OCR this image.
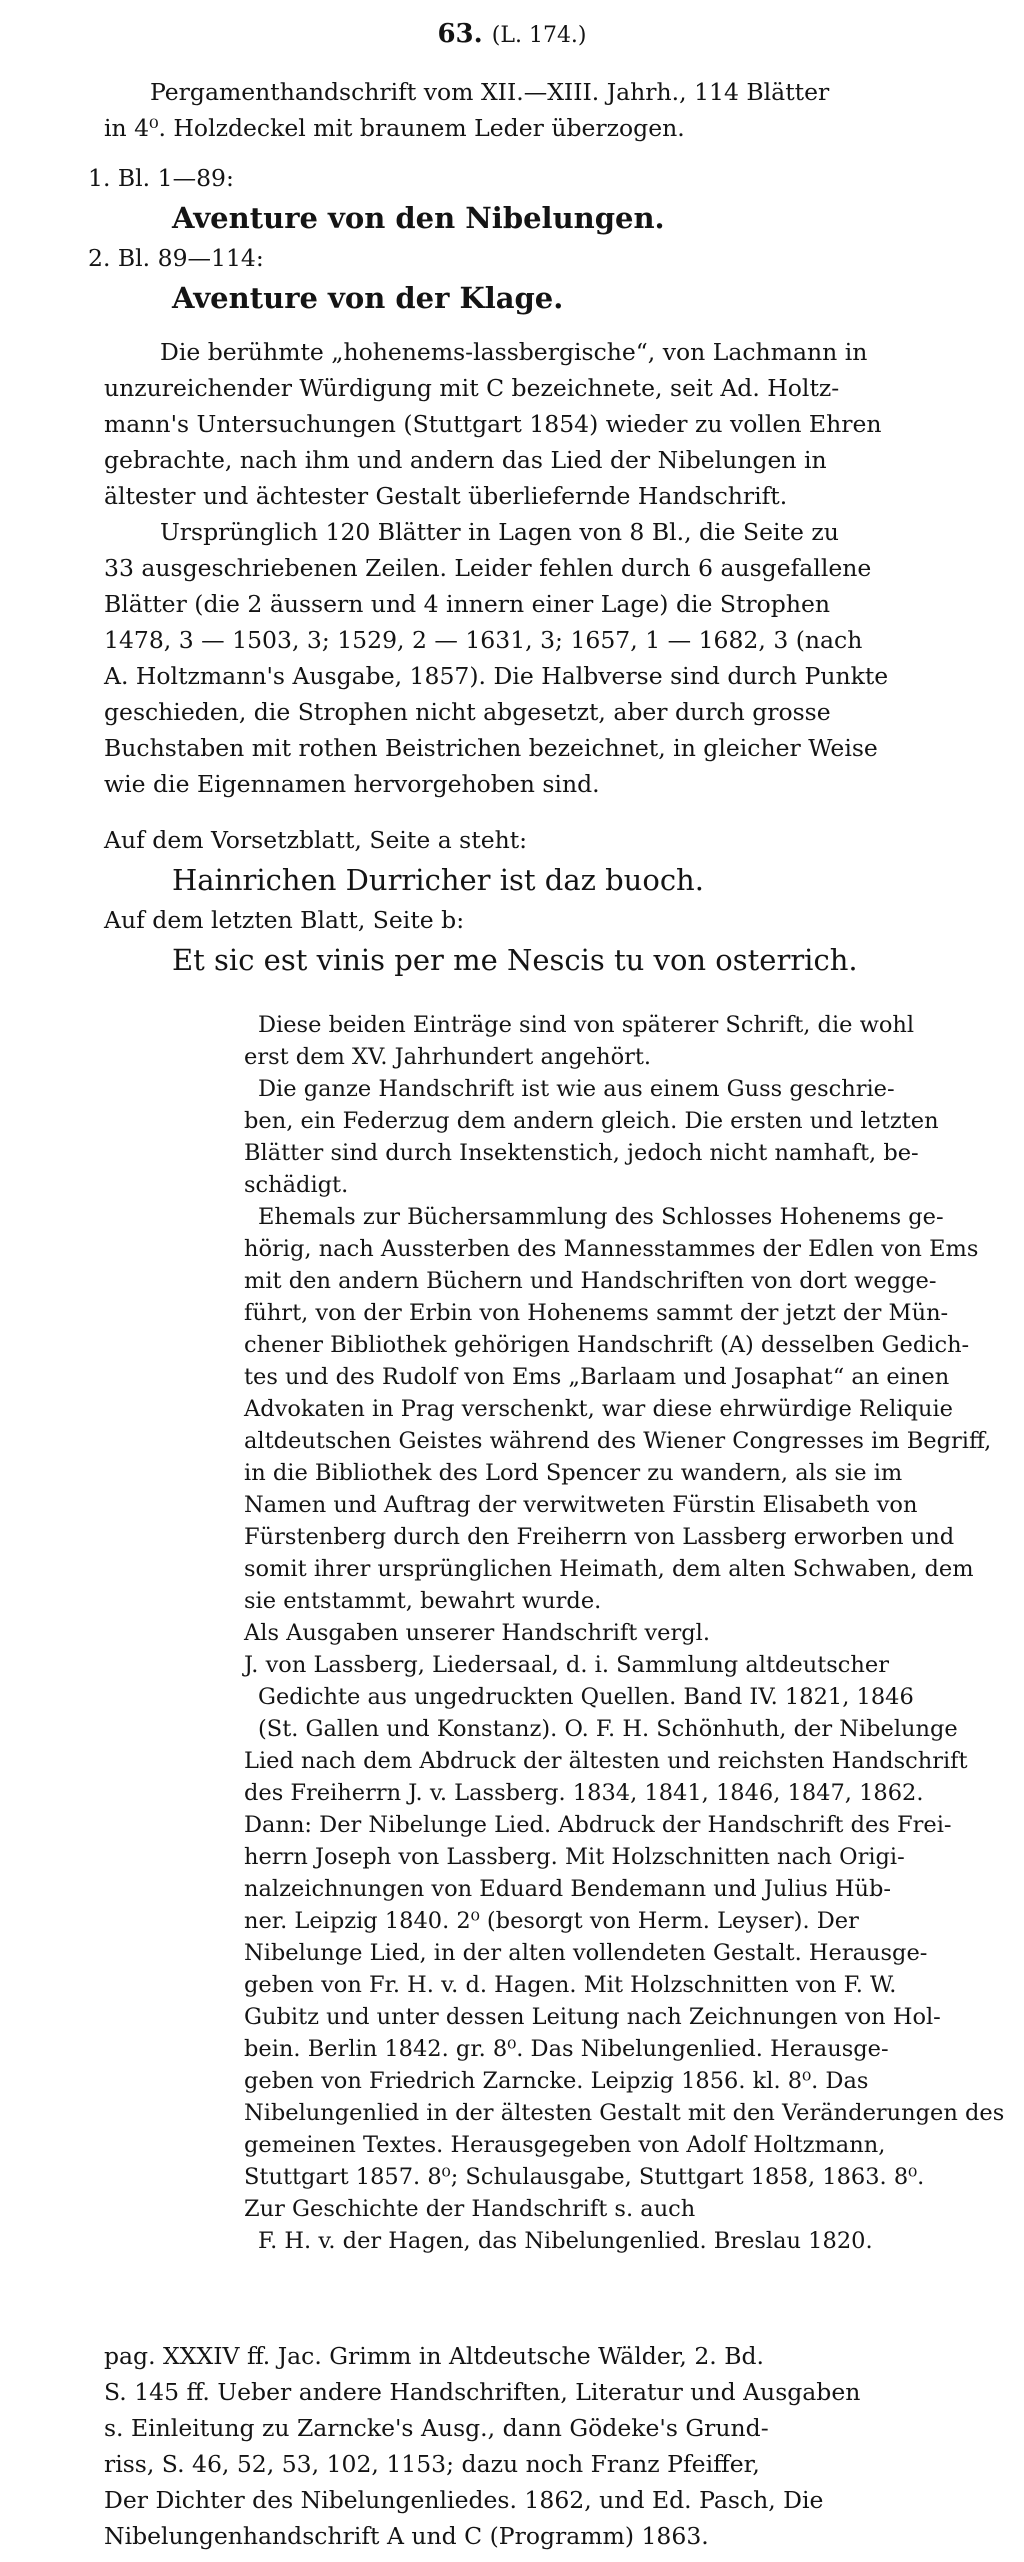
63. (L. 174.)
Pergamenthandschrift vom XII.—XIII. Jahrh., 114 Blätter
in 4⁰. Holzdeckel mit braunem Leder überzogen.
1. Bl. 1—89:
Aventure von den Nibelungen.
2. Bl. 89—114:
Aventure von der Klage.
Die berühmte „hohenems-lassbergische“, von Lachmann in
unzureichender Würdigung mit C bezeichnete, seit Ad. Holtz-
mann's Untersuchungen (Stuttgart 1854) wieder zu vollen Ehren
gebrachte, nach ihm und andern das Lied der Nibelungen in
ältester und ächtester Gestalt überliefernde Handschrift.
Ursprünglich 120 Blätter in Lagen von 8 Bl., die Seite zu
33 ausgeschriebenen Zeilen. Leider fehlen durch 6 ausgefallene
Blätter (die 2 äussern und 4 innern einer Lage) die Strophen
1478, 3 — 1503, 3; 1529, 2 — 1631, 3; 1657, 1 — 1682, 3 (nach
A. Holtzmann's Ausgabe, 1857). Die Halbverse sind durch Punkte
geschieden, die Strophen nicht abgesetzt, aber durch grosse
Buchstaben mit rothen Beistrichen bezeichnet, in gleicher Weise
wie die Eigennamen hervorgehoben sind.
Auf dem Vorsetzblatt, Seite a steht:
Hainrichen Durricher ist daz buoch.
Auf dem letzten Blatt, Seite b:
Et sic est vinis per me Nescis tu von osterrich.
Diese beiden Einträge sind von späterer Schrift, die wohl
erst dem XV. Jahrhundert angehört.
Die ganze Handschrift ist wie aus einem Guss geschrie-
ben, ein Federzug dem andern gleich. Die ersten und letzten
Blätter sind durch Insektenstich, jedoch nicht namhaft, be-
schädigt.
Ehemals zur Büchersammlung des Schlosses Hohenems ge-
hörig, nach Aussterben des Mannesstammes der Edlen von Ems
mit den andern Büchern und Handschriften von dort wegge-
führt, von der Erbin von Hohenems sammt der jetzt der Mün-
chener Bibliothek gehörigen Handschrift (A) desselben Gedich-
tes und des Rudolf von Ems „Barlaam und Josaphat“ an einen
Advokaten in Prag verschenkt, war diese ehrwürdige Reliquie
altdeutschen Geistes während des Wiener Congresses im Begriff,
in die Bibliothek des Lord Spencer zu wandern, als sie im
Namen und Auftrag der verwitweten Fürstin Elisabeth von
Fürstenberg durch den Freiherrn von Lassberg erworben und
somit ihrer ursprünglichen Heimath, dem alten Schwaben, dem
sie entstammt, bewahrt wurde.
Als Ausgaben unserer Handschrift vergl.
J. von Lassberg, Liedersaal, d. i. Sammlung altdeutscher
Gedichte aus ungedruckten Quellen. Band IV. 1821, 1846
(St. Gallen und Konstanz). O. F. H. Schönhuth, der Nibelunge
Lied nach dem Abdruck der ältesten und reichsten Handschrift
des Freiherrn J. v. Lassberg. 1834, 1841, 1846, 1847, 1862.
Dann: Der Nibelunge Lied. Abdruck der Handschrift des Frei-
herrn Joseph von Lassberg. Mit Holzschnitten nach Origi-
nalzeichnungen von Eduard Bendemann und Julius Hüb-
ner. Leipzig 1840. 2⁰ (besorgt von Herm. Leyser). Der
Nibelunge Lied, in der alten vollendeten Gestalt. Herausge-
geben von Fr. H. v. d. Hagen. Mit Holzschnitten von F. W.
Gubitz und unter dessen Leitung nach Zeichnungen von Hol-
bein. Berlin 1842. gr. 8⁰. Das Nibelungenlied. Herausge-
geben von Friedrich Zarncke. Leipzig 1856. kl. 8⁰. Das
Nibelungenlied in der ältesten Gestalt mit den Veränderungen des
gemeinen Textes. Herausgegeben von Adolf Holtzmann,
Stuttgart 1857. 8⁰; Schulausgabe, Stuttgart 1858, 1863. 8⁰.
Zur Geschichte der Handschrift s. auch
F. H. v. der Hagen, das Nibelungenlied. Breslau 1820.
pag. XXXIV ff. Jac. Grimm in Altdeutsche Wälder, 2. Bd.
S. 145 ff. Ueber andere Handschriften, Literatur und Ausgaben
s. Einleitung zu Zarncke's Ausg., dann Gödeke's Grund-
riss, S. 46, 52, 53, 102, 1153; dazu noch Franz Pfeiffer,
Der Dichter des Nibelungenliedes. 1862, und Ed. Pasch, Die
Nibelungenhandschrift A und C (Programm) 1863.
